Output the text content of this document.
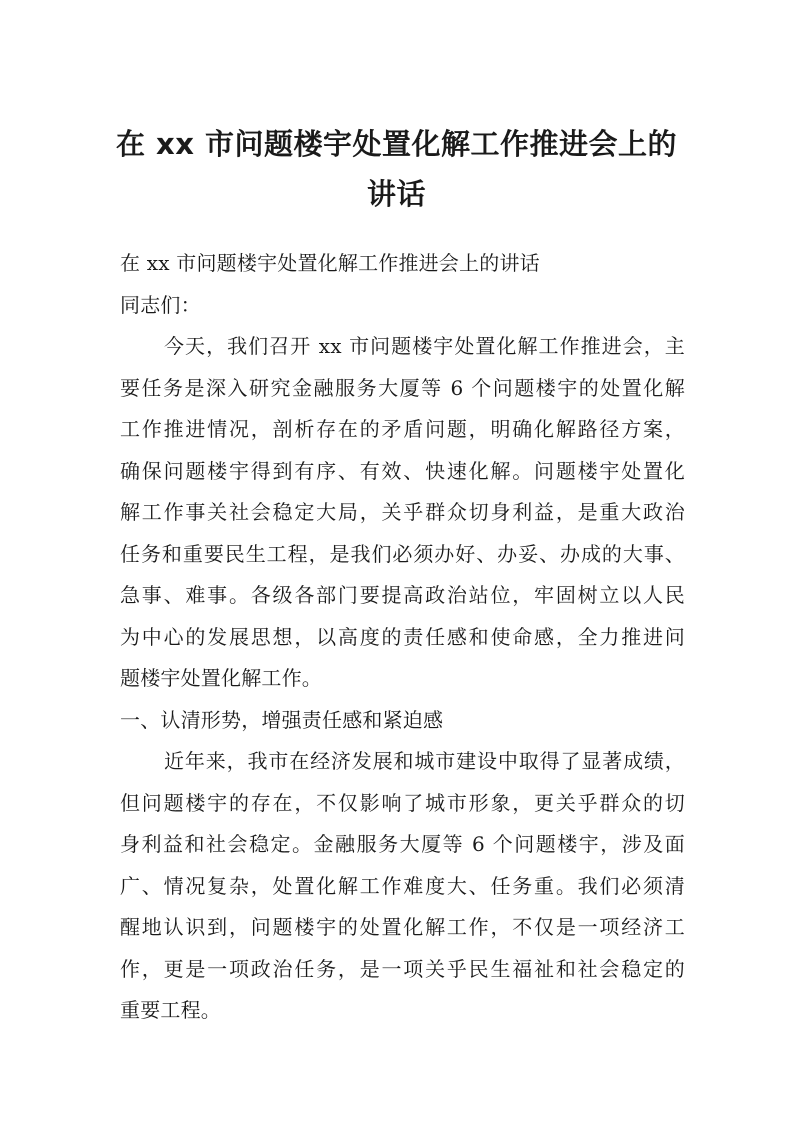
在 xx 市问题楼宇处置化解工作推进会上的
讲话

在 xx 市问题楼宇处置化解工作推进会上的讲话

同志们：

今天，我们召开 xx 市问题楼宇处置化解工作推进会，主
要任务是深入研究金融服务大厦等 6 个问题楼宇的处置化解
工作推进情况，剖析存在的矛盾问题，明确化解路径方案，
确保问题楼宇得到有序、有效、快速化解。问题楼宇处置化
解工作事关社会稳定大局，关乎群众切身利益，是重大政治
任务和重要民生工程，是我们必须办好、办妥、办成的大事、
急事、难事。各级各部门要提高政治站位，牢固树立以人民
为中心的发展思想，以高度的责任感和使命感，全力推进问
题楼宇处置化解工作。

一、认清形势，增强责任感和紧迫感

近年来，我市在经济发展和城市建设中取得了显著成绩，
但问题楼宇的存在，不仅影响了城市形象，更关乎群众的切
身利益和社会稳定。金融服务大厦等 6 个问题楼宇，涉及面
广、情况复杂，处置化解工作难度大、任务重。我们必须清
醒地认识到，问题楼宇的处置化解工作，不仅是一项经济工
作，更是一项政治任务，是一项关乎民生福祉和社会稳定的
重要工程。
